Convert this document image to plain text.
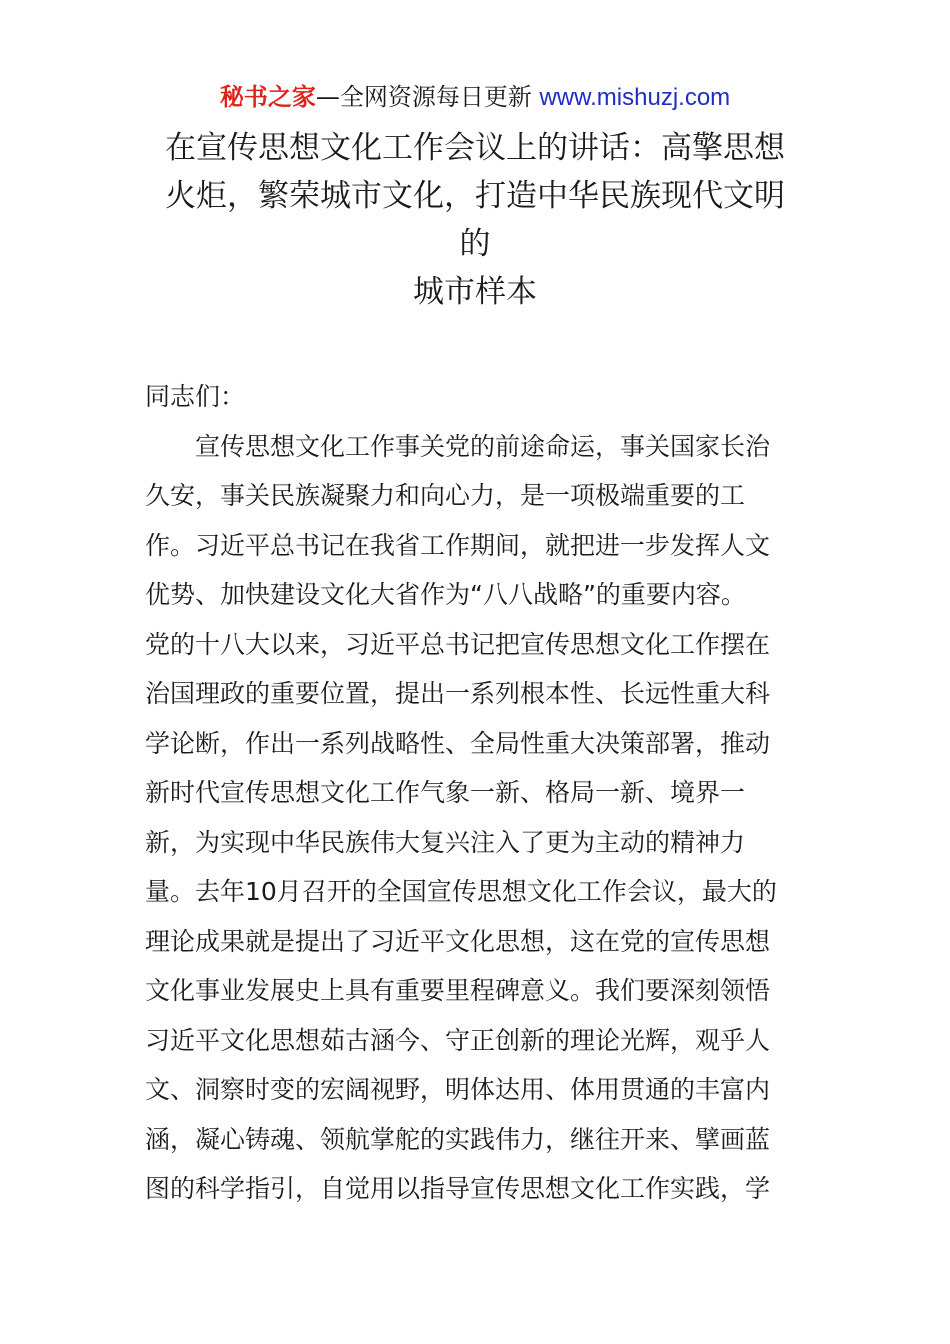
秘书之家—全网资源每日更新 www.mishuzj.com
在宣传思想文化工作会议上的讲话：高擎思想
火炬，繁荣城市文化，打造中华民族现代文明
的
城市样本
同志们：
　　宣传思想文化工作事关党的前途命运，事关国家长治
久安，事关民族凝聚力和向心力，是一项极端重要的工
作。习近平总书记在我省工作期间，就把进一步发挥人文
优势、加快建设文化大省作为“八八战略”的重要内容。
党的十八大以来，习近平总书记把宣传思想文化工作摆在
治国理政的重要位置，提出一系列根本性、长远性重大科
学论断，作出一系列战略性、全局性重大决策部署，推动
新时代宣传思想文化工作气象一新、格局一新、境界一
新，为实现中华民族伟大复兴注入了更为主动的精神力
量。去年10月召开的全国宣传思想文化工作会议，最大的
理论成果就是提出了习近平文化思想，这在党的宣传思想
文化事业发展史上具有重要里程碑意义。我们要深刻领悟
习近平文化思想茹古涵今、守正创新的理论光辉，观乎人
文、洞察时变的宏阔视野，明体达用、体用贯通的丰富内
涵，凝心铸魂、领航掌舵的实践伟力，继往开来、擘画蓝
图的科学指引，自觉用以指导宣传思想文化工作实践，学
